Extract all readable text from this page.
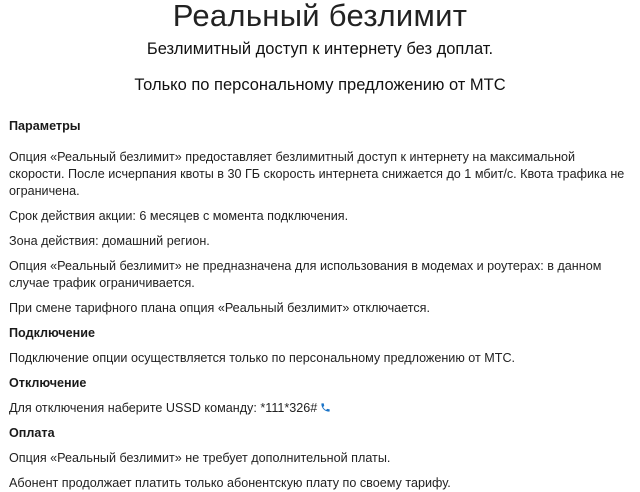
Реальный безлимит

Безлимитный доступ к интернету без доплат.

Только по персональному предложению от МТС

Параметры

Опция «Реальный безлимит» предоставляет безлимитный доступ к интернету на максимальной скорости. После исчерпания квоты в 30 ГБ скорость интернета снижается до 1 мбит/с. Квота трафика не ограничена.

Срок действия акции: 6 месяцев с момента подключения.

Зона действия: домашний регион.

Опция «Реальный безлимит» не предназначена для использования в модемах и роутерах: в данном случае трафик ограничивается.

При смене тарифного плана опция «Реальный безлимит» отключается.

Подключение

Подключение опции осуществляется только по персональному предложению от МТС.

Отключение

Для отключения наберите USSD команду: *111*326#

Оплата

Опция «Реальный безлимит» не требует дополнительной платы.

Абонент продолжает платить только абонентскую плату по своему тарифу.
